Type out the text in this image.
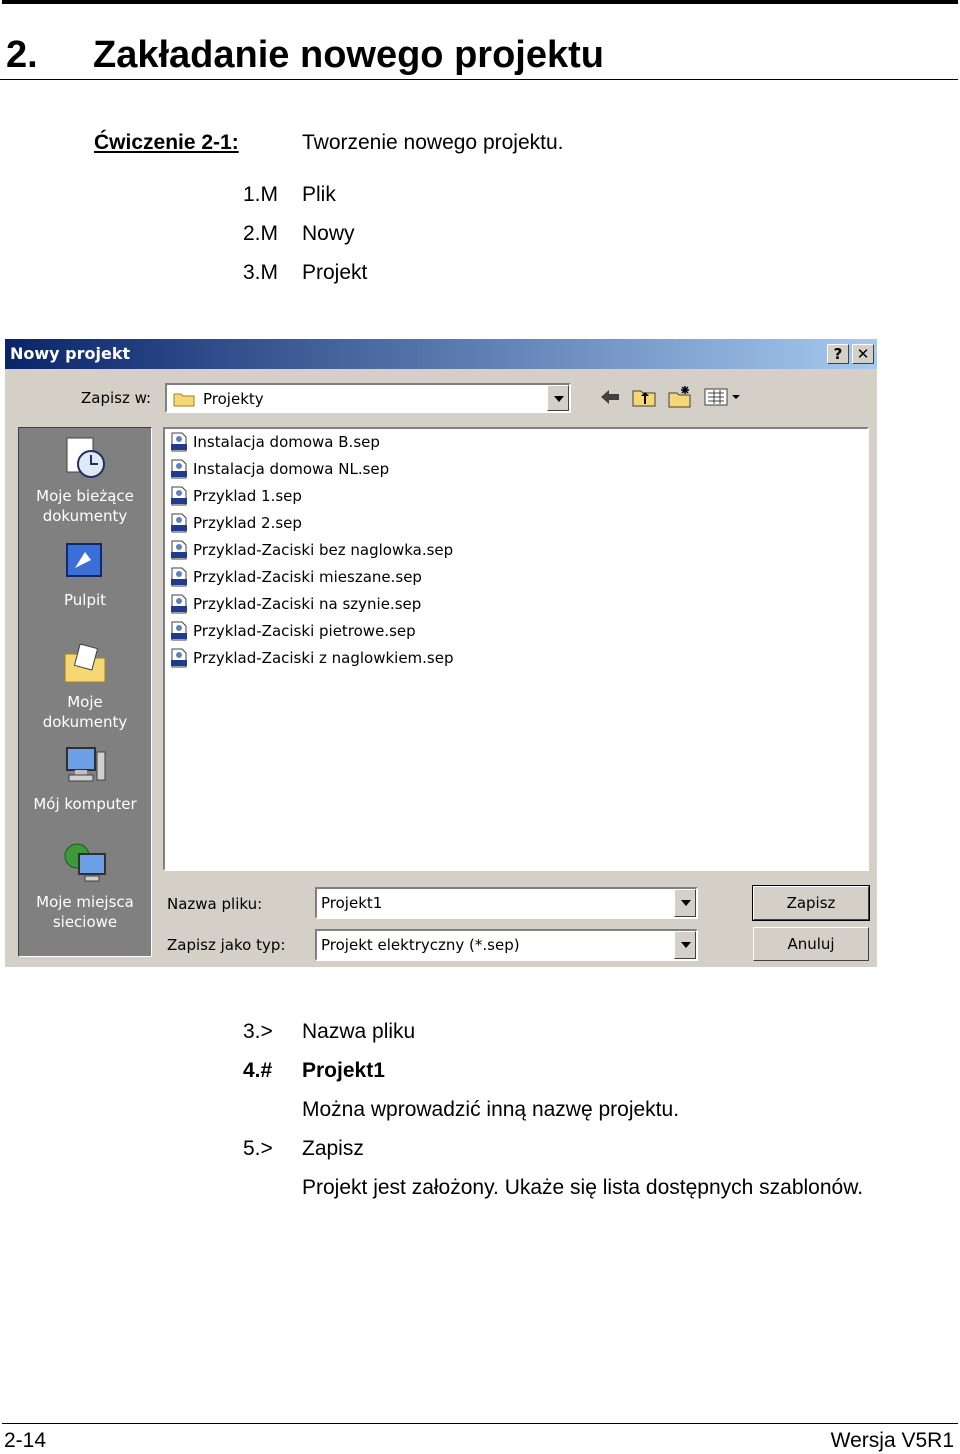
2. Zakładanie nowego projektu
Ćwiczenie 2-1:	Tworzenie nowego projektu.
1.M Plik
2.M Nowy
3.M Projekt
Nowy projekt	? ✕
Zapisz w:	Projekty
Moje bieżące
dokumenty
Pulpit
Moje
dokumenty
Mój komputer
Moje miejsca
sieciowe
Instalacja domowa B.sep
Instalacja domowa NL.sep
Przyklad 1.sep
Przyklad 2.sep
Przyklad-Zaciski bez naglowka.sep
Przyklad-Zaciski mieszane.sep
Przyklad-Zaciski na szynie.sep
Przyklad-Zaciski pietrowe.sep
Przyklad-Zaciski z naglowkiem.sep
Nazwa pliku:	Projekt1
Zapisz jako typ: Projekt elektryczny (*.sep)
Zapisz
Anuluj
3.> Nazwa pliku
4.# Projekt1
Można wprowadzić inną nazwę projektu.
5.> Zapisz
Projekt jest założony. Ukaże się lista dostępnych szablonów.
2-14	Wersja V5R1
